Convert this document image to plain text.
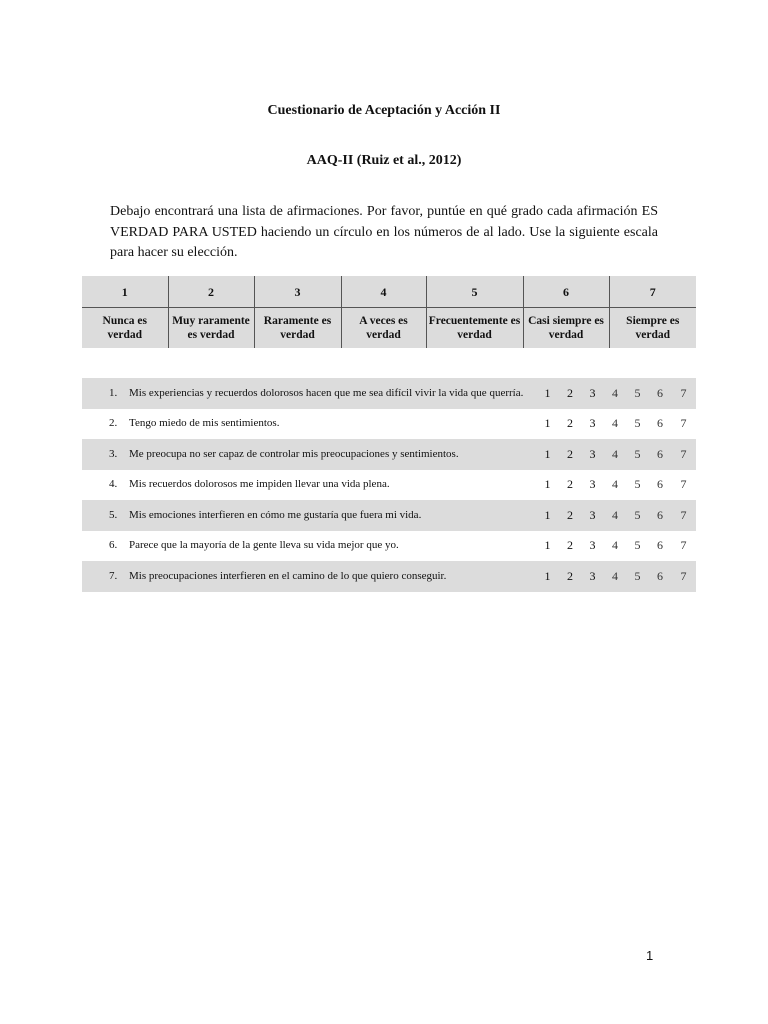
Cuestionario de Aceptación y Acción II
AAQ-II (Ruiz et al., 2012)
Debajo encontrará una lista de afirmaciones. Por favor, puntúe en qué grado cada afirmación ES VERDAD PARA USTED haciendo un círculo en los números de al lado. Use la siguiente escala para hacer su elección.
1	2	3	4	5	6	7
Nunca es verdad	Muy raramente es verdad	Raramente es verdad	A veces es verdad	Frecuentemente es verdad	Casi siempre es verdad	Siempre es verdad
1. Mis experiencias y recuerdos dolorosos hacen que me sea difícil vivir la vida que querría.	1	2	3	4	5	6	7

2. Tengo miedo de mis sentimientos.	1	2	3	4	5	6	7

3. Me preocupa no ser capaz de controlar mis preocupaciones y sentimientos.	1	2	3	4	5	6	7

4. Mis recuerdos dolorosos me impiden llevar una vida plena.	1	2	3	4	5	6	7

5. Mis emociones interfieren en cómo me gustaría que fuera mi vida.	1	2	3	4	5	6	7

6. Parece que la mayoría de la gente lleva su vida mejor que yo.	1	2	3	4	5	6	7

7. Mis preocupaciones interfieren en el camino de lo que quiero conseguir.	1	2	3	4	5	6	7
1
